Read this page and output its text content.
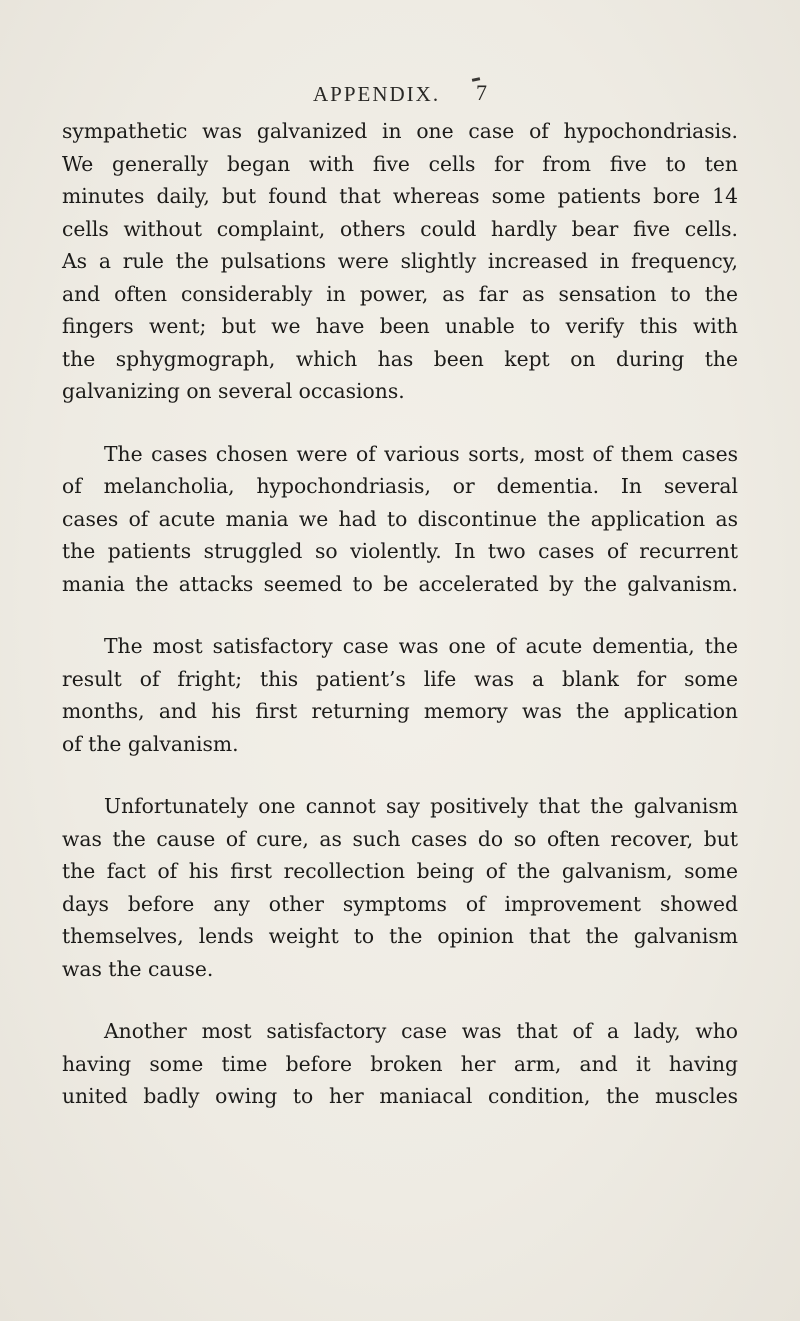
APPENDIX. 7
sympathetic was galvanized in one case of hypochondriasis.
We generally began with five cells for from five to ten
minutes daily, but found that whereas some patients bore 14
cells without complaint, others could hardly bear five cells.
As a rule the pulsations were slightly increased in frequency,
and often considerably in power, as far as sensation to the
fingers went; but we have been unable to verify this with
the sphygmograph, which has been kept on during the
galvanizing on several occasions.
The cases chosen were of various sorts, most of them cases
of melancholia, hypochondriasis, or dementia. In several
cases of acute mania we had to discontinue the application as
the patients struggled so violently. In two cases of recurrent
mania the attacks seemed to be accelerated by the galvanism.
The most satisfactory case was one of acute dementia, the
result of fright; this patient’s life was a blank for some
months, and his first returning memory was the application
of the galvanism.
Unfortunately one cannot say positively that the galvanism
was the cause of cure, as such cases do so often recover, but
the fact of his first recollection being of the galvanism, some
days before any other symptoms of improvement showed
themselves, lends weight to the opinion that the galvanism
was the cause.
Another most satisfactory case was that of a lady, who
having some time before broken her arm, and it having
united badly owing to her maniacal condition, the muscles
